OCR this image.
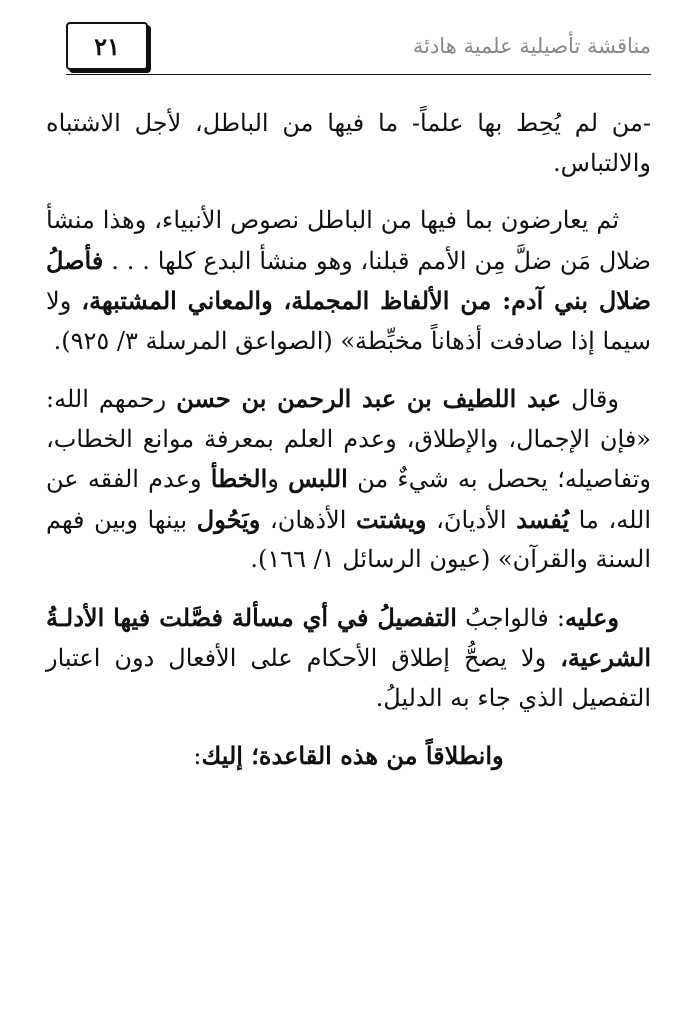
٢١	مناقشة تأصيلية علمية هادئة

-من لم يُحِط بها علماً- ما فيها من الباطل، لأجل الاشتباه والالتباس.

ثم يعارضون بما فيها من الباطل نصوص الأنبياء، وهذا منشأ ضلال مَن ضلَّ مِن الأمم قبلنا، وهو منشأ البدع كلها . . . فأصلُ ضلال بني آدم: من الألفاظ المجملة، والمعاني المشتبهة، ولا سيما إذا صادفت أذهاناً مخبِّطة» (الصواعق المرسلة ٣/ ٩٢٥).

وقال عبد اللطيف بن عبد الرحمن بن حسن رحمهم الله: «فإن الإجمال، والإطلاق، وعدم العلم بمعرفة موانع الخطاب، وتفاصيله؛ يحصل به شيءٌ من اللبس والخطأ وعدم الفقه عن الله، ما يُفسد الأديانَ، ويشتت الأذهان، ويَحُول بينها وبين فهم السنة والقرآن» (عيون الرسائل ١/ ١٦٦).

وعليه: فالواجبُ التفصيلُ في أي مسألة فصَّلت فيها الأدلـةُ الشرعية، ولا يصحُّ إطلاق الأحكام على الأفعال دون اعتبار التفصيل الذي جاء به الدليلُ.

وانطلاقاً من هذه القاعدة؛ إليك:
